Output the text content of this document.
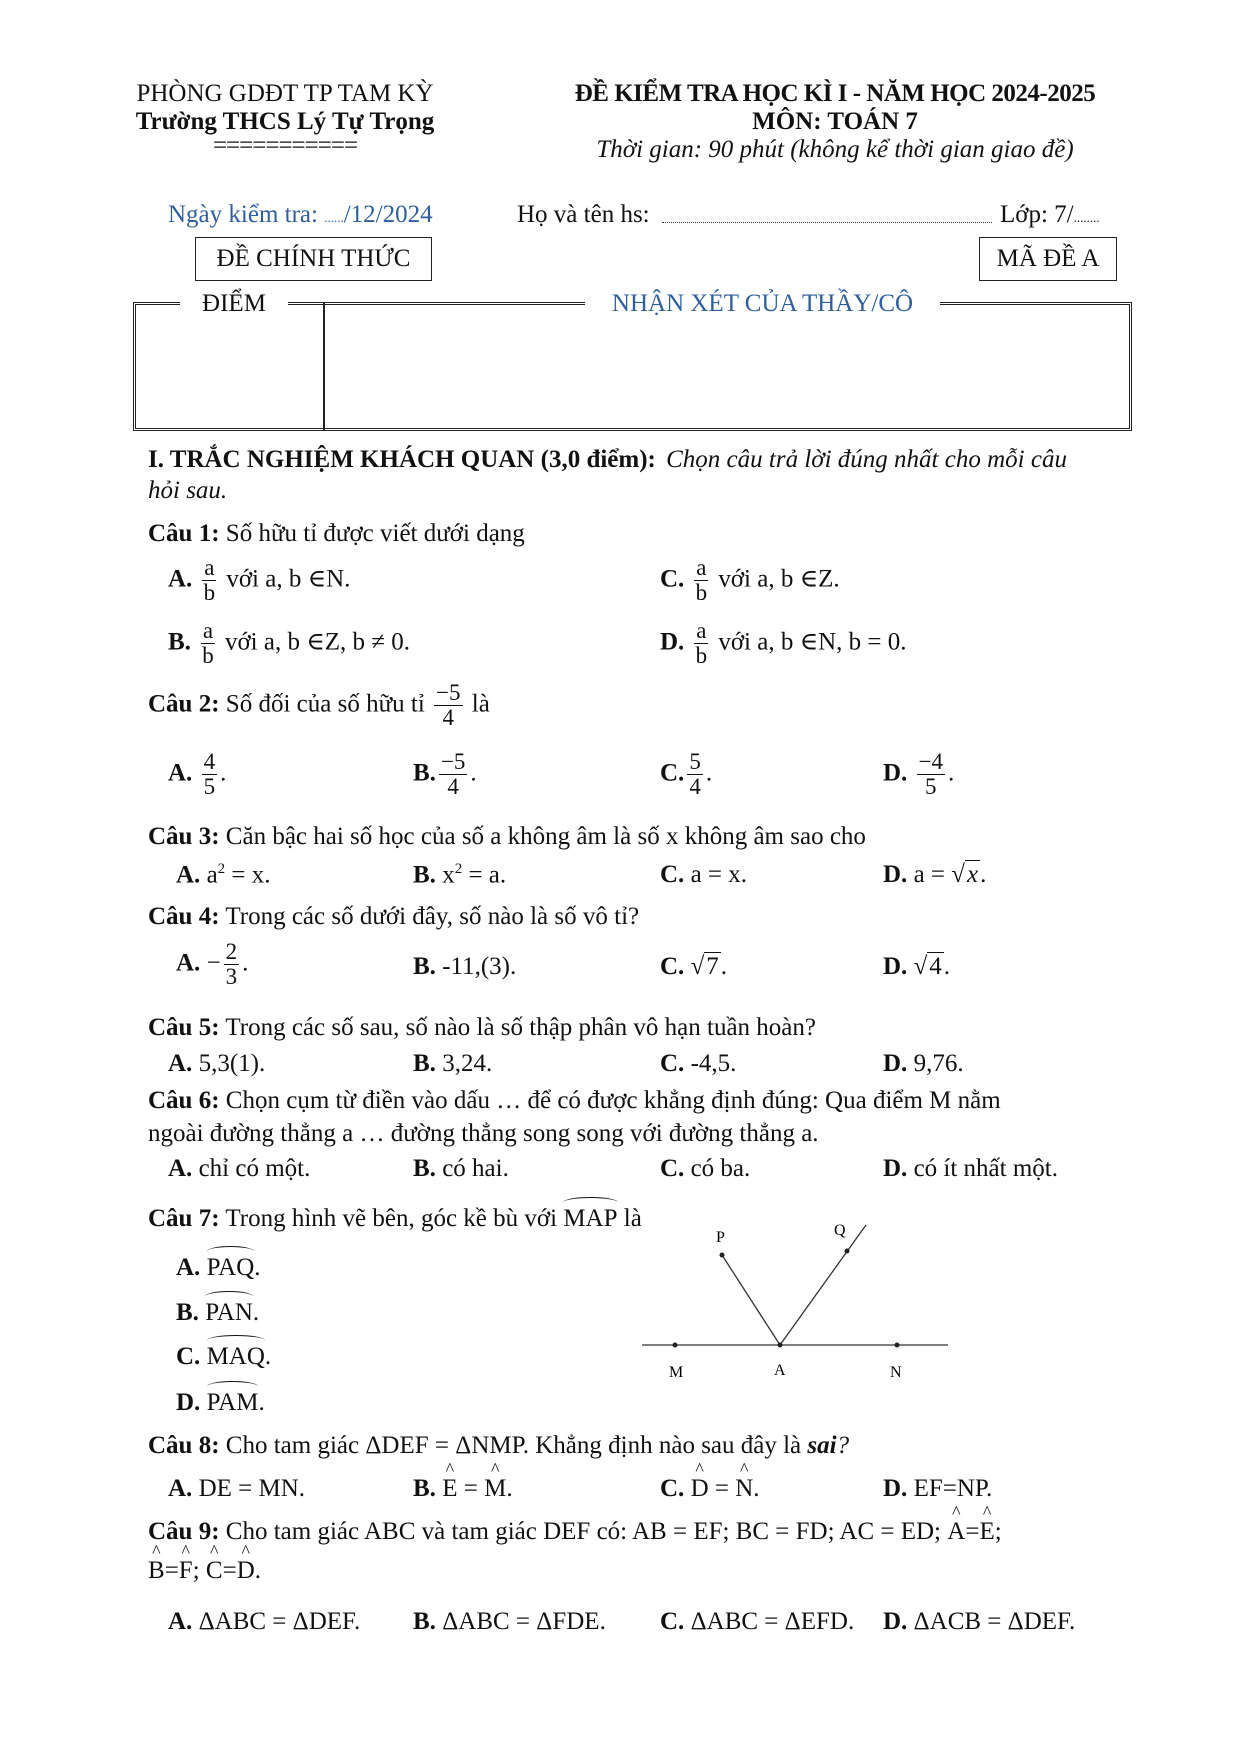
PHÒNG GDĐT TP TAM KỲ
Trường THCS Lý Tự Trọng
===========
ĐỀ KIỂM TRA HỌC KÌ I - NĂM HỌC 2024-2025
MÔN: TOÁN 7
Thời gian: 90 phút (không kể thời gian giao đề)
Ngày kiểm tra: ....../12/2024	Họ và tên hs:	Lớp: 7/........
ĐỀ CHÍNH THỨC	MÃ ĐỀ A
ĐIỂM	NHẬN XÉT CỦA THẦY/CÔ
I. TRẮC NGHIỆM KHÁCH QUAN (3,0 điểm): Chọn câu trả lời đúng nhất cho mỗi câu
hỏi sau.
Câu 1: Số hữu tỉ được viết dưới dạng
A. $\frac{a}{b}$ với a, b ∈N.	C. $\frac{a}{b}$ với a, b ∈Z.
B. $\frac{a}{b}$ với a, b ∈Z, b ≠ 0.	D. $\frac{a}{b}$ với a, b ∈N, b = 0.
Câu 2: Số đối của số hữu tỉ $\frac{-5}{4}$ là
A. $\frac{4}{5}$ .	B. $\frac{-5}{4}$ .	C. $\frac{5}{4}$ .	D. $\frac{-4}{5}$ .
Câu 3: Căn bậc hai số học của số a không âm là số x không âm sao cho
A. $a^2 = x$.	B. $x^2 = a$.	C. a = x.	D. a = √x.
Câu 4: Trong các số dưới đây, số nào là số vô tỉ?
A. − $\frac{2}{3}$ .	B. -11,(3).	C. √7.	D. √4.
Câu 5: Trong các số sau, số nào là số thập phân vô hạn tuần hoàn?
A. 5,3(1).	B. 3,24.	C. -4,5.	D. 9,76.
Câu 6: Chọn cụm từ điền vào dấu … để có được khẳng định đúng: Qua điểm M nằm
ngoài đường thẳng a … đường thẳng song song với đường thẳng a.
A. chỉ có một.	B. có hai.	C. có ba.	D. có ít nhất một.
Câu 7: Trong hình vẽ bên, góc kề bù với MAP là
A. PAQ.
B. PAN.
C. MAQ.
D. PAM.
P	Q
M	A	N
Câu 8: Cho tam giác ΔDEF = ΔNMP. Khẳng định nào sau đây là sai?
A. DE = MN.	B. ^ E = ^ M.	C. ^ D = ^ N.	D. EF=NP.
Câu 9: Cho tam giác ABC và tam giác DEF có: AB = EF; BC = FD; AC = ED; ^ A=^ E;
^ B=^ F; ^ C=^ D.
A. ΔABC = ΔDEF. B. ΔABC = ΔFDE. C. ΔABC = ΔEFD. D. ΔACB = ΔDEF.
